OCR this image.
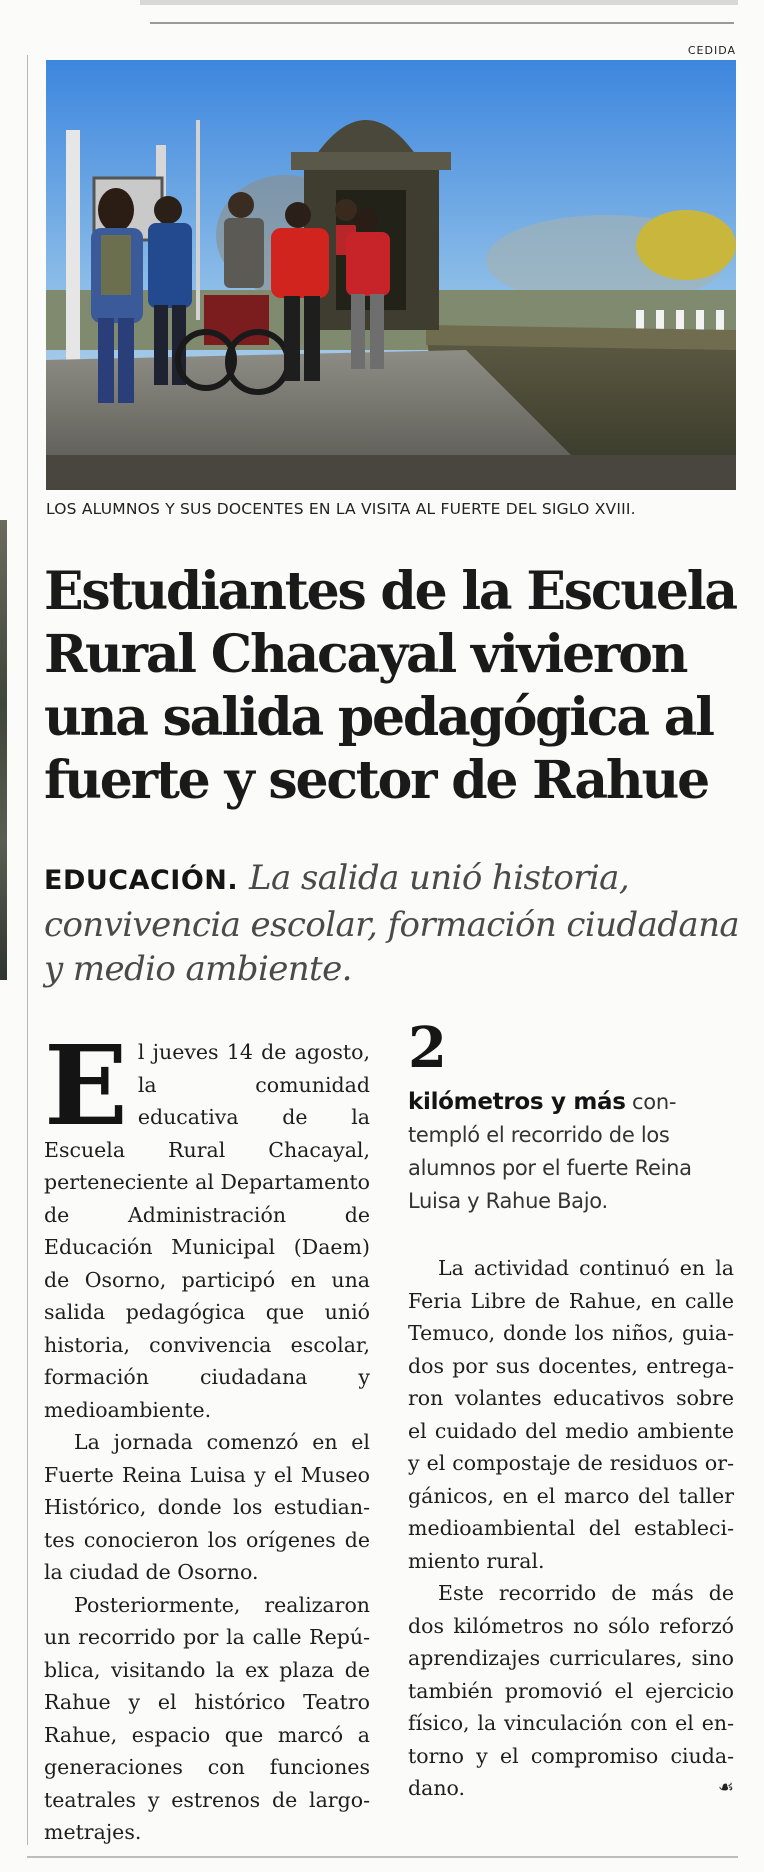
CEDIDA
LOS ALUMNOS Y SUS DOCENTES EN LA VISITA AL FUERTE DEL SIGLO XVIII.
Estudiantes de la Escuela Rural Chacayal vivieron una salida pedagógica al fuerte y sector de Rahue
EDUCACIÓN. La salida unió historia, convivencia escolar, formación ciudadana y medio ambiente.

El jueves 14 de agosto, la comunidad educativa de la Escuela Rural Chacayal, perteneciente al Departamento de Administración de Educación Municipal (Daem) de Osorno, participó en una salida pedagógica que unió historia, convivencia escolar, formación ciudadana y medioambiente.

La jornada comenzó en el Fuerte Reina Luisa y el Museo Histórico, donde los estudiantes conocieron los orígenes de la ciudad de Osorno.

Posteriormente, realizaron un recorrido por la calle República, visitando la ex plaza de Rahue y el histórico Teatro Rahue, espacio que marcó a generaciones con funciones teatrales y estrenos de largometrajes.

2
kilómetros y más contempló el recorrido de los alumnos por el fuerte Reina Luisa y Rahue Bajo.

La actividad continuó en la Feria Libre de Rahue, en calle Temuco, donde los niños, guiados por sus docentes, entregaron volantes educativos sobre el cuidado del medio ambiente y el compostaje de residuos orgánicos, en el marco del taller medioambiental del establecimiento rural.

Este recorrido de más de dos kilómetros no sólo reforzó aprendizajes curriculares, sino también promovió el ejercicio físico, la vinculación con el entorno y el compromiso ciudadano.	☙
